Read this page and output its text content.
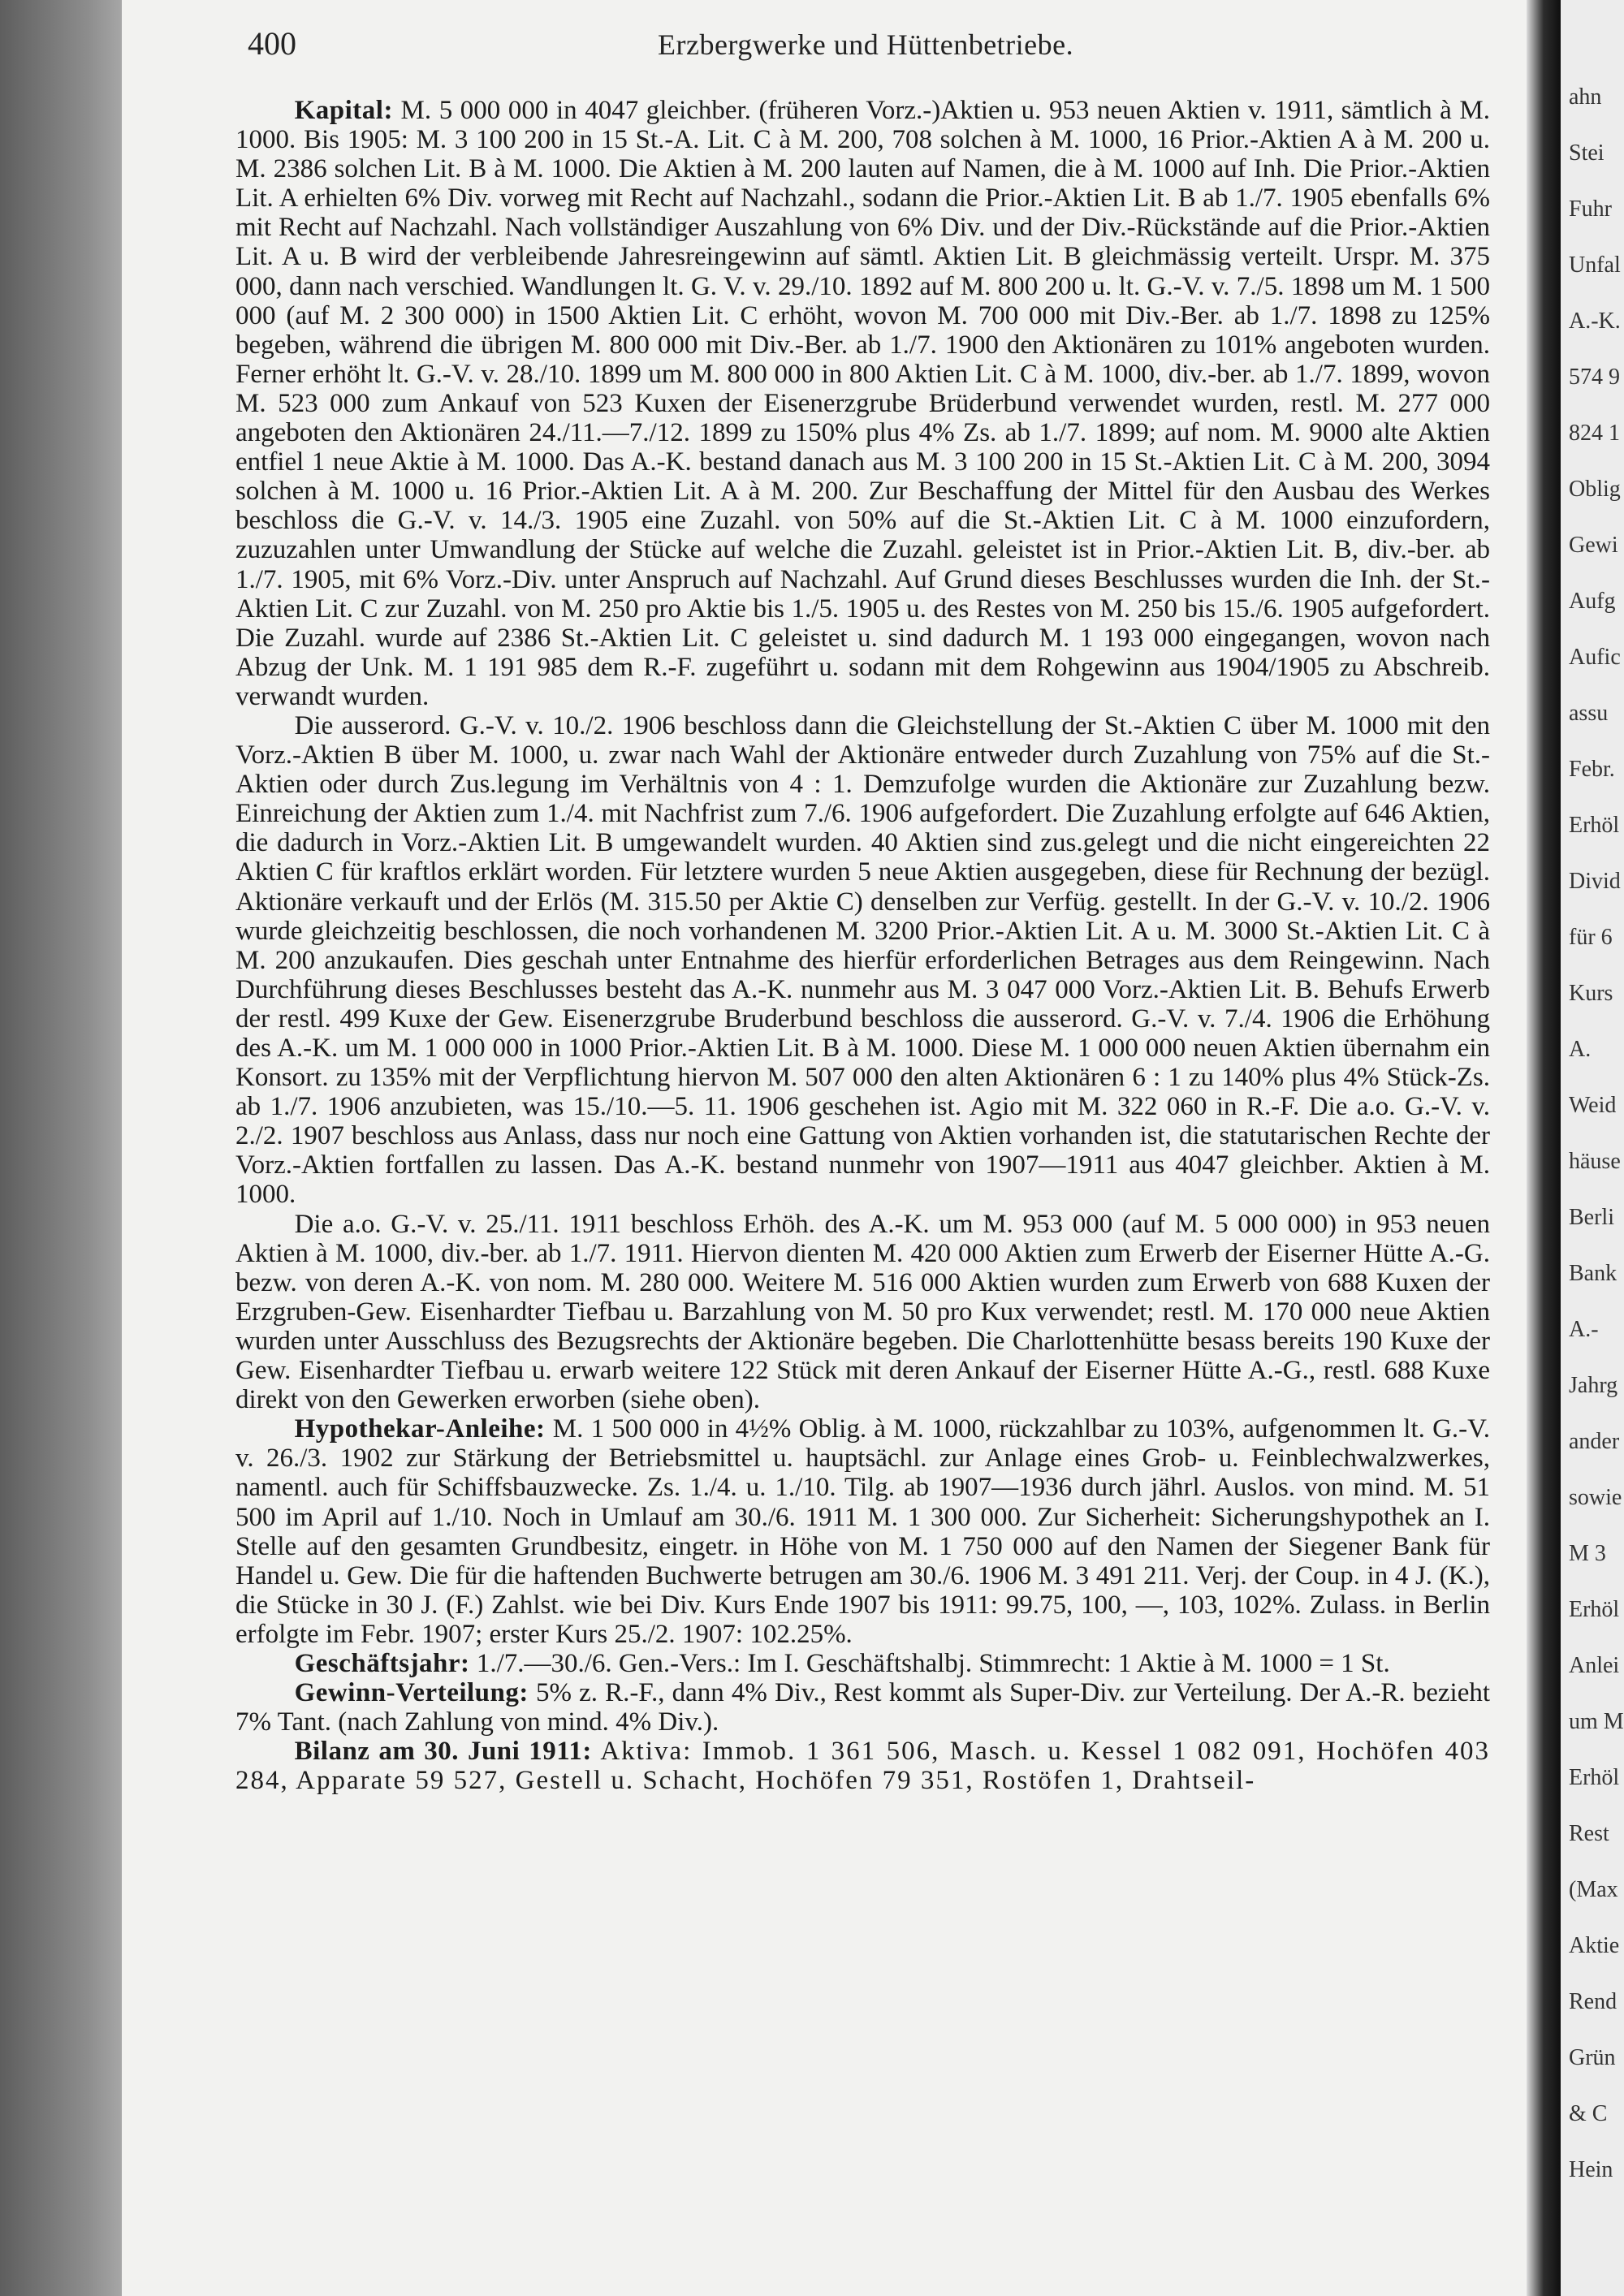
400	Erzbergwerke und Hüttenbetriebe.

Kapital: M. 5 000 000 in 4047 gleichber. (früheren Vorz.-)Aktien u. 953 neuen Aktien v. 1911, sämtlich à M. 1000. Bis 1905: M. 3 100 200 in 15 St.-A. Lit. C à M. 200, 708 solchen à M. 1000, 16 Prior.-Aktien A à M. 200 u. M. 2386 solchen Lit. B à M. 1000. Die Aktien à M. 200 lauten auf Namen, die à M. 1000 auf Inh. Die Prior.-Aktien Lit. A erhielten 6% Div. vorweg mit Recht auf Nachzahl., sodann die Prior.-Aktien Lit. B ab 1./7. 1905 ebenfalls 6% mit Recht auf Nachzahl. Nach vollständiger Auszahlung von 6% Div. und der Div.-Rückstände auf die Prior.-Aktien Lit. A u. B wird der verbleibende Jahresreingewinn auf sämtl. Aktien Lit. B gleichmässig verteilt. Urspr. M. 375 000, dann nach verschied. Wandlungen lt. G. V. v. 29./10. 1892 auf M. 800 200 u. lt. G.-V. v. 7./5. 1898 um M. 1 500 000 (auf M. 2 300 000) in 1500 Aktien Lit. C erhöht, wovon M. 700 000 mit Div.-Ber. ab 1./7. 1898 zu 125% begeben, während die übrigen M. 800 000 mit Div.-Ber. ab 1./7. 1900 den Aktionären zu 101% angeboten wurden. Ferner erhöht lt. G.-V. v. 28./10. 1899 um M. 800 000 in 800 Aktien Lit. C à M. 1000, div.-ber. ab 1./7. 1899, wovon M. 523 000 zum Ankauf von 523 Kuxen der Eisenerzgrube Brüderbund verwendet wurden, restl. M. 277 000 angeboten den Aktionären 24./11.—7./12. 1899 zu 150% plus 4% Zs. ab 1./7. 1899; auf nom. M. 9000 alte Aktien entfiel 1 neue Aktie à M. 1000. Das A.-K. bestand danach aus M. 3 100 200 in 15 St.-Aktien Lit. C à M. 200, 3094 solchen à M. 1000 u. 16 Prior.-Aktien Lit. A à M. 200. Zur Beschaffung der Mittel für den Ausbau des Werkes beschloss die G.-V. v. 14./3. 1905 eine Zuzahl. von 50% auf die St.-Aktien Lit. C à M. 1000 einzufordern, zuzuzahlen unter Umwandlung der Stücke auf welche die Zuzahl. geleistet ist in Prior.-Aktien Lit. B, div.-ber. ab 1./7. 1905, mit 6% Vorz.-Div. unter Anspruch auf Nachzahl. Auf Grund dieses Beschlusses wurden die Inh. der St.-Aktien Lit. C zur Zuzahl. von M. 250 pro Aktie bis 1./5. 1905 u. des Restes von M. 250 bis 15./6. 1905 aufgefordert. Die Zuzahl. wurde auf 2386 St.-Aktien Lit. C geleistet u. sind dadurch M. 1 193 000 eingegangen, wovon nach Abzug der Unk. M. 1 191 985 dem R.-F. zugeführt u. sodann mit dem Rohgewinn aus 1904/1905 zu Abschreib. verwandt wurden.

Die ausserord. G.-V. v. 10./2. 1906 beschloss dann die Gleichstellung der St.-Aktien C über M. 1000 mit den Vorz.-Aktien B über M. 1000, u. zwar nach Wahl der Aktionäre entweder durch Zuzahlung von 75% auf die St.-Aktien oder durch Zus.legung im Verhältnis von 4 : 1. Demzufolge wurden die Aktionäre zur Zuzahlung bezw. Einreichung der Aktien zum 1./4. mit Nachfrist zum 7./6. 1906 aufgefordert. Die Zuzahlung erfolgte auf 646 Aktien, die dadurch in Vorz.-Aktien Lit. B umgewandelt wurden. 40 Aktien sind zus.gelegt und die nicht eingereichten 22 Aktien C für kraftlos erklärt worden. Für letztere wurden 5 neue Aktien ausgegeben, diese für Rechnung der bezügl. Aktionäre verkauft und der Erlös (M. 315.50 per Aktie C) denselben zur Verfüg. gestellt. In der G.-V. v. 10./2. 1906 wurde gleichzeitig beschlossen, die noch vorhandenen M. 3200 Prior.-Aktien Lit. A u. M. 3000 St.-Aktien Lit. C à M. 200 anzukaufen. Dies geschah unter Entnahme des hierfür erforderlichen Betrages aus dem Reingewinn. Nach Durchführung dieses Beschlusses besteht das A.-K. nunmehr aus M. 3 047 000 Vorz.-Aktien Lit. B. Behufs Erwerb der restl. 499 Kuxe der Gew. Eisenerzgrube Bruderbund beschloss die ausserord. G.-V. v. 7./4. 1906 die Erhöhung des A.-K. um M. 1 000 000 in 1000 Prior.-Aktien Lit. B à M. 1000. Diese M. 1 000 000 neuen Aktien übernahm ein Konsort. zu 135% mit der Verpflichtung hiervon M. 507 000 den alten Aktionären 6 : 1 zu 140% plus 4% Stück-Zs. ab 1./7. 1906 anzubieten, was 15./10.—5. 11. 1906 geschehen ist. Agio mit M. 322 060 in R.-F. Die a.o. G.-V. v. 2./2. 1907 beschloss aus Anlass, dass nur noch eine Gattung von Aktien vorhanden ist, die statutarischen Rechte der Vorz.-Aktien fortfallen zu lassen. Das A.-K. bestand nunmehr von 1907—1911 aus 4047 gleichber. Aktien à M. 1000.

Die a.o. G.-V. v. 25./11. 1911 beschloss Erhöh. des A.-K. um M. 953 000 (auf M. 5 000 000) in 953 neuen Aktien à M. 1000, div.-ber. ab 1./7. 1911. Hiervon dienten M. 420 000 Aktien zum Erwerb der Eiserner Hütte A.-G. bezw. von deren A.-K. von nom. M. 280 000. Weitere M. 516 000 Aktien wurden zum Erwerb von 688 Kuxen der Erzgruben-Gew. Eisenhardter Tiefbau u. Barzahlung von M. 50 pro Kux verwendet; restl. M. 170 000 neue Aktien wurden unter Ausschluss des Bezugsrechts der Aktionäre begeben. Die Charlottenhütte besass bereits 190 Kuxe der Gew. Eisenhardter Tiefbau u. erwarb weitere 122 Stück mit deren Ankauf der Eiserner Hütte A.-G., restl. 688 Kuxe direkt von den Gewerken erworben (siehe oben).

Hypothekar-Anleihe: M. 1 500 000 in 4½% Oblig. à M. 1000, rückzahlbar zu 103%, aufgenommen lt. G.-V. v. 26./3. 1902 zur Stärkung der Betriebsmittel u. hauptsächl. zur Anlage eines Grob- u. Feinblechwalzwerkes, namentl. auch für Schiffsbauzwecke. Zs. 1./4. u. 1./10. Tilg. ab 1907—1936 durch jährl. Auslos. von mind. M. 51 500 im April auf 1./10. Noch in Umlauf am 30./6. 1911 M. 1 300 000. Zur Sicherheit: Sicherungshypothek an I. Stelle auf den gesamten Grundbesitz, eingetr. in Höhe von M. 1 750 000 auf den Namen der Siegener Bank für Handel u. Gew. Die für die haftenden Buchwerte betrugen am 30./6. 1906 M. 3 491 211. Verj. der Coup. in 4 J. (K.), die Stücke in 30 J. (F.) Zahlst. wie bei Div. Kurs Ende 1907 bis 1911: 99.75, 100, —, 103, 102%. Zulass. in Berlin erfolgte im Febr. 1907; erster Kurs 25./2. 1907: 102.25%.

Geschäftsjahr: 1./7.—30./6. Gen.-Vers.: Im I. Geschäftshalbj. Stimmrecht: 1 Aktie à M. 1000 = 1 St.

Gewinn-Verteilung: 5% z. R.-F., dann 4% Div., Rest kommt als Super-Div. zur Verteilung. Der A.-R. bezieht 7% Tant. (nach Zahlung von mind. 4% Div.).

Bilanz am 30. Juni 1911: Aktiva: Immob. 1 361 506, Masch. u. Kessel 1 082 091, Hochöfen 403 284, Apparate 59 527, Gestell u. Schacht, Hochöfen 79 351, Rostöfen 1, Drahtseil-

ahn
Stei
Fuhr
Unfal
A.-K.
574 9
824 1
Oblig
Gewi
Aufg
Aufic
assu
Febr.
Erhöl
Divid
für 6
Kurs
A.
Weid
häuse
Berli
Bank
A.-
Jahrg
ander
sowie
M 3
Erhöl
Anlei
um M
Erhöl
Rest
(Max
Aktie
Rend
Grün
& C
Hein
